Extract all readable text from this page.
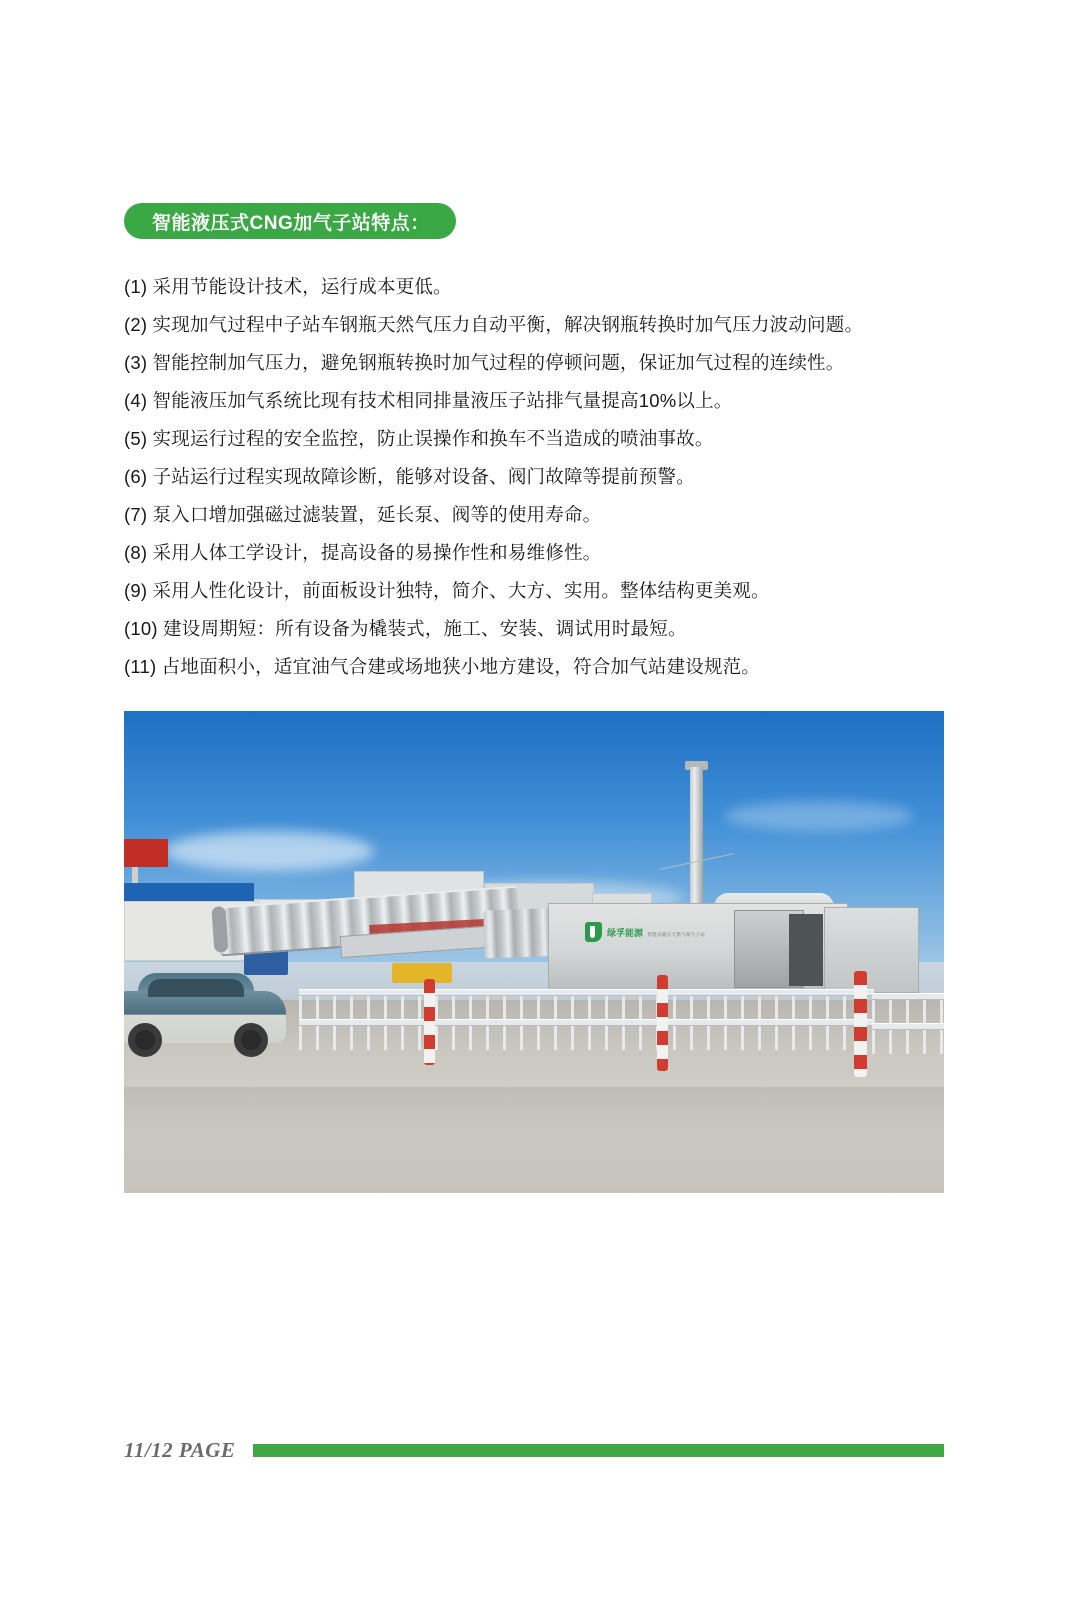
智能液压式CNG加气子站特点：
(1) 采用节能设计技术，运行成本更低。
(2) 实现加气过程中子站车钢瓶天然气压力自动平衡，解决钢瓶转换时加气压力波动问题。
(3) 智能控制加气压力，避免钢瓶转换时加气过程的停顿问题，保证加气过程的连续性。
(4) 智能液压加气系统比现有技术相同排量液压子站排气量提高10%以上。
(5) 实现运行过程的安全监控，防止误操作和换车不当造成的喷油事故。
(6) 子站运行过程实现故障诊断，能够对设备、阀门故障等提前预警。
(7) 泵入口增加强磁过滤装置，延长泵、阀等的使用寿命。
(8) 采用人体工学设计，提高设备的易操作性和易维修性。
(9) 采用人性化设计，前面板设计独特，简介、大方、实用。整体结构更美观。
(10) 建设周期短：所有设备为橇装式，施工、安装、调试用时最短。
(11) 占地面积小，适宜油气合建或场地狭小地方建设，符合加气站建设规范。
绿孚能源 智能式液压天然气加气子站
11/12 PAGE
